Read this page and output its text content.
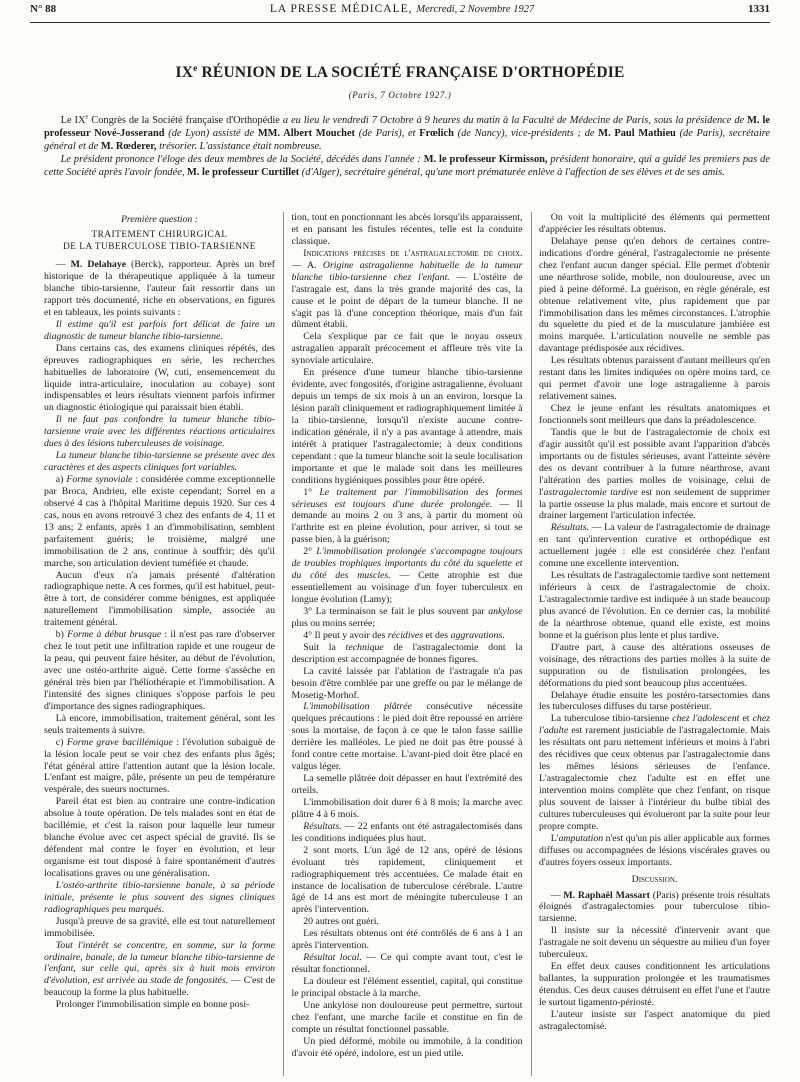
N° 88	LA PRESSE MÉDICALE, Mercredi, 2 Novembre 1927	1331
IXe RÉUNION DE LA SOCIÉTÉ FRANÇAISE D'ORTHOPÉDIE
(Paris, 7 Octobre 1927.)

Le IXe Congrès de la Société française d'Orthopédie a eu lieu le vendredi 7 Octobre à 9 heures du matin à la Faculté de Médecine de Paris, sous la présidence de M. le professeur Nové-Josserand (de Lyon) assisté de MM. Albert Mouchet (de Paris), et Frœlich (de Nancy), vice-présidents ; de M. Paul Mathieu (de Paris), secrétaire général et de M. Rœderer, trésorier. L'assistance était nombreuse.

Le président prononce l'éloge des deux membres de la Société, décédés dans l'année : M. le professeur Kirmisson, président honoraire, qui a guidé les premiers pas de cette Société après l'avoir fondée, M. le professeur Curtillet (d'Alger), secrétaire général, qu'une mort prématurée enlève à l'affection de ses élèves et de ses amis.

Première question :
TRAITEMENT CHIRURGICAL
DE LA TUBERCULOSE TIBIO-TARSIENNE

— M. Delahaye (Berck), rapporteur. Après un bref historique de la thérapeutique appliquée à la tumeur blanche tibio-tarsienne, l'auteur fait ressortir dans un rapport très documenté, riche en observations, en figures et en tableaux, les points suivants :

Il estime qu'il est parfois fort délicat de faire un diagnostic de tumeur blanche tibio-tarsienne.

Dans certains cas, des examens cliniques répétés, des épreuves radiographiques en série, les recherches habituelles de laboratoire (W, cuti, ensemencement du liquide intra-articulaire, inoculation au cobaye) sont indispensables et leurs résultats viennent parfois infirmer un diagnostic étiologique qui paraissait bien établi.

Il ne faut pas confondre la tumeur blanche tibio-tarsienne vraie avec les différentes réactions articulaires dues à des lésions tuberculeuses de voisinage.

La tumeur blanche tibio-tarsienne se présente avec des caractères et des aspects cliniques fort variables.

a) Forme synoviale : considérée comme exceptionnelle par Broca, Andrieu, elle existe cependant; Sorrel en a observé 4 cas à l'hôpital Maritime depuis 1920. Sur ces 4 cas, nous en avons retrouvé 3 chez des enfants de 4, 11 et 13 ans; 2 enfants, après 1 an d'immobilisation, semblent parfaitement guéris; le troisième, malgré une immobilisation de 2 ans, continue à souffrir; dès qu'il marche, son articulation devient tuméfiée et chaude.

Aucun d'eux n'a jamais présenté d'altération radiographique nette. A ces formes, qu'il est habituel, peut-être à tort, de considérer comme bénignes, est appliquée naturellement l'immobilisation simple, associée au traitement général.

b) Forme à début brusque : il n'est pas rare d'observer chez le tout petit une infiltration rapide et une rougeur de la peau, qui peuvent faire hésiter, au début de l'évolution, avec une ostéo-arthrite aiguë. Cette forme s'assèche en général très bien par l'héliothérapie et l'immobilisation. A l'intensité des signes cliniques s'oppose parfois le peu d'importance des signes radiographiques.

Là encore, immobilisation, traitement général, sont les seuls traitements à suivre.

c) Forme grave bacillémique : l'évolution subaiguë de la lésion locale peut se voir chez des enfants plus âgés; l'état général attire l'attention autant que la lésion locale. L'enfant est maigre, pâle, présente un peu de température vespérale, des sueurs nocturnes.

Pareil état est bien au contraire une contre-indication absolue à toute opération. De tels malades sont en état de bacillémie, et c'est la raison pour laquelle leur tumeur blanche évolue avec cet aspect spécial de gravité. Ils se défendent mal contre le foyer en évolution, et leur organisme est tout disposé à faire spontanément d'autres localisations graves ou une généralisation.

L'ostéo-arthrite tibio-tarsienne banale, à sa période initiale, présente le plus souvent des signes cliniques radiographiques peu marqués.

Jusqu'à preuve de sa gravité, elle est tout naturellement immobilisée.

Tout l'intérêt se concentre, en somme, sur la forme ordinaire, banale, de la tumeur blanche tibio-tarsienne de l'enfant, sur celle qui, après six à huit mois environ d'évolution, est arrivée au stade de fongosités. — C'est de beaucoup la forme la plus habituelle.

Prolonger l'immobilisation simple en bonne posi-

tion, tout en ponctionnant les abcès lorsqu'ils apparaissent, et en pansant les fistules récentes, telle est la conduite classique.

Indications précises de l'astragalectomie de choix. — A. Origine astragalienne habituelle de la tumeur blanche tibio-tarsienne chez l'enfant. — L'ostéite de l'astragale est, dans la très grande majorité des cas, la cause et le point de départ de la tumeur blanche. Il ne s'agit pas là d'une conception théorique, mais d'un fait dûment établi.

Cela s'explique par ce fait que le noyau osseux astragalien apparaît précocement et affleure très vite la synoviale articulaire.

En présence d'une tumeur blanche tibio-tarsienne évidente, avec fongosités, d'origine astragalienne, évoluant depuis un temps de six mois à un an environ, lorsque la lésion paraît cliniquement et radiographiquement limitée à la tibio-tarsienne, lorsqu'il n'existe aucune contre-indication générale, il n'y a pas avantage à attendre, mais intérêt à pratiquer l'astragalectomie; à deux conditions cependant : que la tumeur blanche soit la seule localisation importante et que le malade soit dans les meilleures conditions hygiéniques possibles pour être opéré.

1° Le traitement par l'immobilisation des formes sérieuses est toujours d'une durée prolongée. — Il demande au moins 2 ou 3 ans, à partir du moment où l'arthrite est en pleine évolution, pour arriver, si tout se passe bien, à la guérison;

2° L'immobilisation prolongée s'accompagne toujours de troubles trophiques importants du côté du squelette et du côté des muscles. — Cette atrophie est due essentiellement au voisinage d'un foyer tuberculeux en longue évolution (Lamy);

3° La terminaison se fait le plus souvent par ankylose plus ou moins serrée;

4° Il peut y avoir des récidives et des aggravations.

Suit la technique de l'astragalectomie dont la description est accompagnée de bonnes figures.

La cavité laissée par l'ablation de l'astragale n'a pas besoin d'être comblée par une greffe ou par le mélange de Mosetig-Morhof.

L'immobilisation plâtrée consécutive nécessite quelques précautions : le pied doit être repoussé en arrière sous la mortaise, de façon à ce que le talon fasse saillie derrière les malléoles. Le pied ne doit pas être poussé à fond contre cette mortaise. L'avant-pied doit être placé en valgus léger.

La semelle plâtrée doit dépasser en haut l'extrémité des orteils.

L'immobilisation doit durer 6 à 8 mois; la marche avec plâtre 4 à 6 mois.

Résultats. — 22 enfants ont été astragalectomisés dans les conditions indiquées plus haut.

2 sont morts. L'un âgé de 12 ans, opéré de lésions évoluant très rapidement, cliniquement et radiographiquement très accentuées. Ce malade était en instance de localisation de tuberculose cérébrale. L'autre âgé de 14 ans est mort de méningite tuberculeuse 1 an après l'intervention.

20 autres ont guéri.

Les résultats obtenus ont été contrôlés de 6 ans à 1 an après l'intervention.

Résultat local. — Ce qui compte avant tout, c'est le résultat fonctionnel.

La douleur est l'élément essentiel, capital, qui constitue le principal obstacle à la marche.

Une ankylose non douloureuse peut permettre, surtout chez l'enfant, une marche facile et constitue en fin de compte un résultat fonctionnel passable.

Un pied déformé, mobile ou immobile, à la condition d'avoir été opéré, indolore, est un pied utile.

On voit la multiplicité des éléments qui permettent d'apprécier les résultats obtenus.

Delahaye pense qu'en dehors de certaines contre-indications d'ordre général, l'astragalectomie ne présente chez l'enfant aucun danger spécial. Elle permet d'obtenir une néarthrose solide, mobile, non douloureuse, avec un pied à peine déformé. La guérison, en règle générale, est obtenue relativement vite, plus rapidement que par l'immobilisation dans les mêmes circonstances. L'atrophie du squelette du pied et de la musculature jambière est moins marquée. L'articulation nouvelle ne semble pas davantage prédisposée aux récidives.

Les résultats obtenus paraissent d'autant meilleurs qu'en restant dans les limites indiquées on opère moins tard, ce qui permet d'avoir une loge astragalienne à parois relativement saines.

Chez le jeune enfant les résultats anatomiques et fonctionnels sont meilleurs que dans la préadolescence.

Tandis que le but de l'astragalectomie de choix est d'agir aussitôt qu'il est possible avant l'apparition d'abcès importants ou de fistules sérieuses, avant l'atteinte sévère des os devant contribuer à la future néarthrose, avant l'altération des parties molles de voisinage, celui de l'astragalectomie tardive est non seulement de supprimer la partie osseuse la plus malade, mais encore et surtout de drainer largement l'articulation infectée.

Résultats. — La valeur de l'astragalectomie de drainage en tant qu'intervention curative et orthopédique est actuellement jugée : elle est considérée chez l'enfant comme une excellente intervention.

Les résultats de l'astragalectomie tardive sont nettement inférieurs à ceux de l'astragalectomie de choix. L'astragalectomie tardive est indiquée à un stade beaucoup plus avancé de l'évolution. En ce dernier cas, la mobilité de la néarthrose obtenue, quand elle existe, est moins bonne et la guérison plus lente et plus tardive.

D'autre part, à cause des altérations osseuses de voisinage, des rétractions des parties molles à la suite de suppuration ou de fistulisation prolongées, les déformations du pied sont beaucoup plus accentuées.

Delahaye étudie ensuite les postéro-tarsectomies dans les tuberculoses diffuses du tarse postérieur.

La tuberculose tibio-tarsienne chez l'adolescent et chez l'adulte est rarement justiciable de l'astragalectomie. Mais les résultats ont paru nettement inférieurs et moins à l'abri des récidives que ceux obtenus par l'astragalectomie dans les mêmes lésions sérieuses de l'enfance. L'astragalectomie chez l'adulte est en effet une intervention moins complète que chez l'enfant, on risque plus souvent de laisser à l'intérieur du bulbe tibial des cultures tuberculeuses qui évolueront par la suite pour leur propre compte.

L'amputation n'est qu'un pis aller applicable aux formes diffuses ou accompagnées de lésions viscérales graves ou d'autres foyers osseux importants.

Discussion.

— M. Raphaël Massart (Paris) présente trois résultats éloignés d'astragalectomies pour tuberculose tibio-tarsienne.

Il insiste sur la nécessité d'intervenir avant que l'astragale ne soit devenu un séquestre au milieu d'un foyer tuberculeux.

En effet deux causes conditionnent les articulations ballantes, la suppuration prolongée et les traumatismes étendus. Ces deux causes détruisent en effet l'une et l'autre le surtout ligamento-périosté.

L'auteur insiste sur l'aspect anatomique du pied astragalectomisé.
